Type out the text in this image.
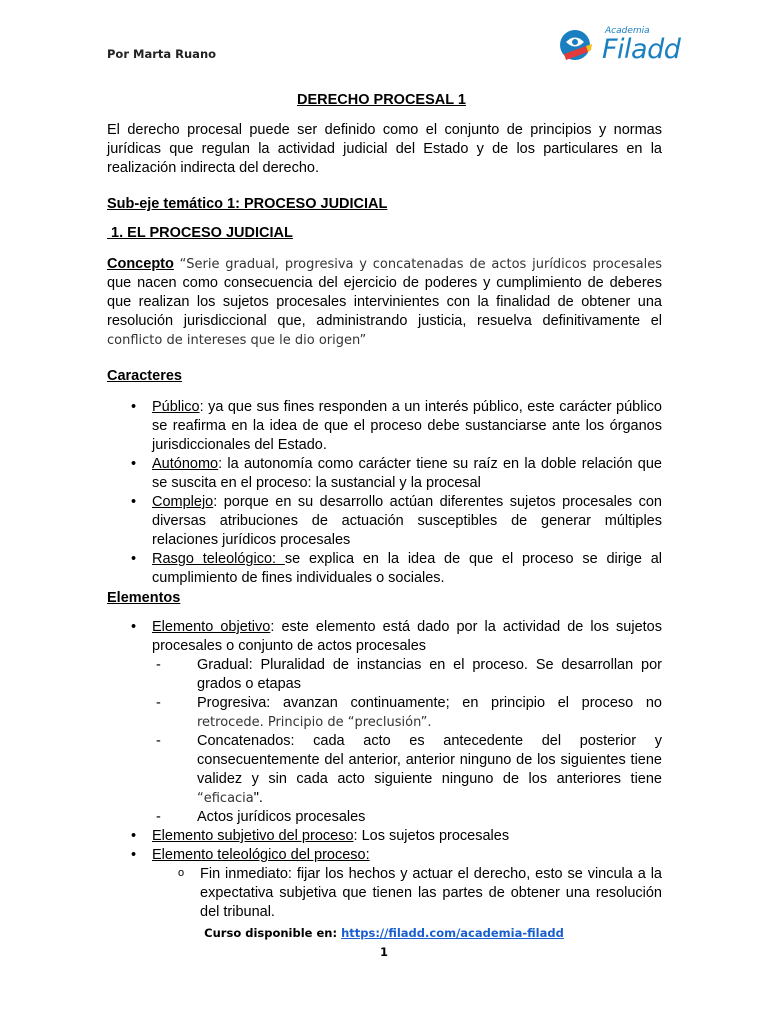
Por Marta Ruano
Academia
Filadd
DERECHO PROCESAL 1

El derecho procesal puede ser definido como el conjunto de principios y normas jurídicas que regulan la actividad judicial del Estado y de los particulares en la realización indirecta del derecho.

Sub-eje temático 1: PROCESO JUDICIAL

1. EL PROCESO JUDICIAL

Concepto “Serie gradual, progresiva y concatenadas de actos jurídicos procesales que nacen como consecuencia del ejercicio de poderes y cumplimiento de deberes que realizan los sujetos procesales intervinientes con la finalidad de obtener una resolución jurisdiccional que, administrando justicia, resuelva definitivamente el conflicto de intereses que le dio origen”

Caracteres

• Público: ya que sus fines responden a un interés público, este carácter público se reafirma en la idea de que el proceso debe sustanciarse ante los órganos jurisdiccionales del Estado.
• Autónomo: la autonomía como carácter tiene su raíz en la doble relación que se suscita en el proceso: la sustancial y la procesal
• Complejo: porque en su desarrollo actúan diferentes sujetos procesales con diversas atribuciones de actuación susceptibles de generar múltiples relaciones jurídicos procesales
• Rasgo teleológico: se explica en la idea de que el proceso se dirige al cumplimiento de fines individuales o sociales.

Elementos

• Elemento objetivo: este elemento está dado por la actividad de los sujetos procesales o conjunto de actos procesales
- Gradual: Pluralidad de instancias en el proceso. Se desarrollan por grados o etapas
- Progresiva: avanzan continuamente; en principio el proceso no retrocede. Principio de “preclusión”.
- Concatenados: cada acto es antecedente del posterior y consecuentemente del anterior, anterior ninguno de los siguientes tiene validez y sin cada acto siguiente ninguno de los anteriores tiene “eficacia".
- Actos jurídicos procesales
• Elemento subjetivo del proceso: Los sujetos procesales
• Elemento teleológico del proceso:
o Fin inmediato: fijar los hechos y actuar el derecho, esto se vincula a la expectativa subjetiva que tienen las partes de obtener una resolución del tribunal.
Curso disponible en: https://filadd.com/academia-filadd
1
